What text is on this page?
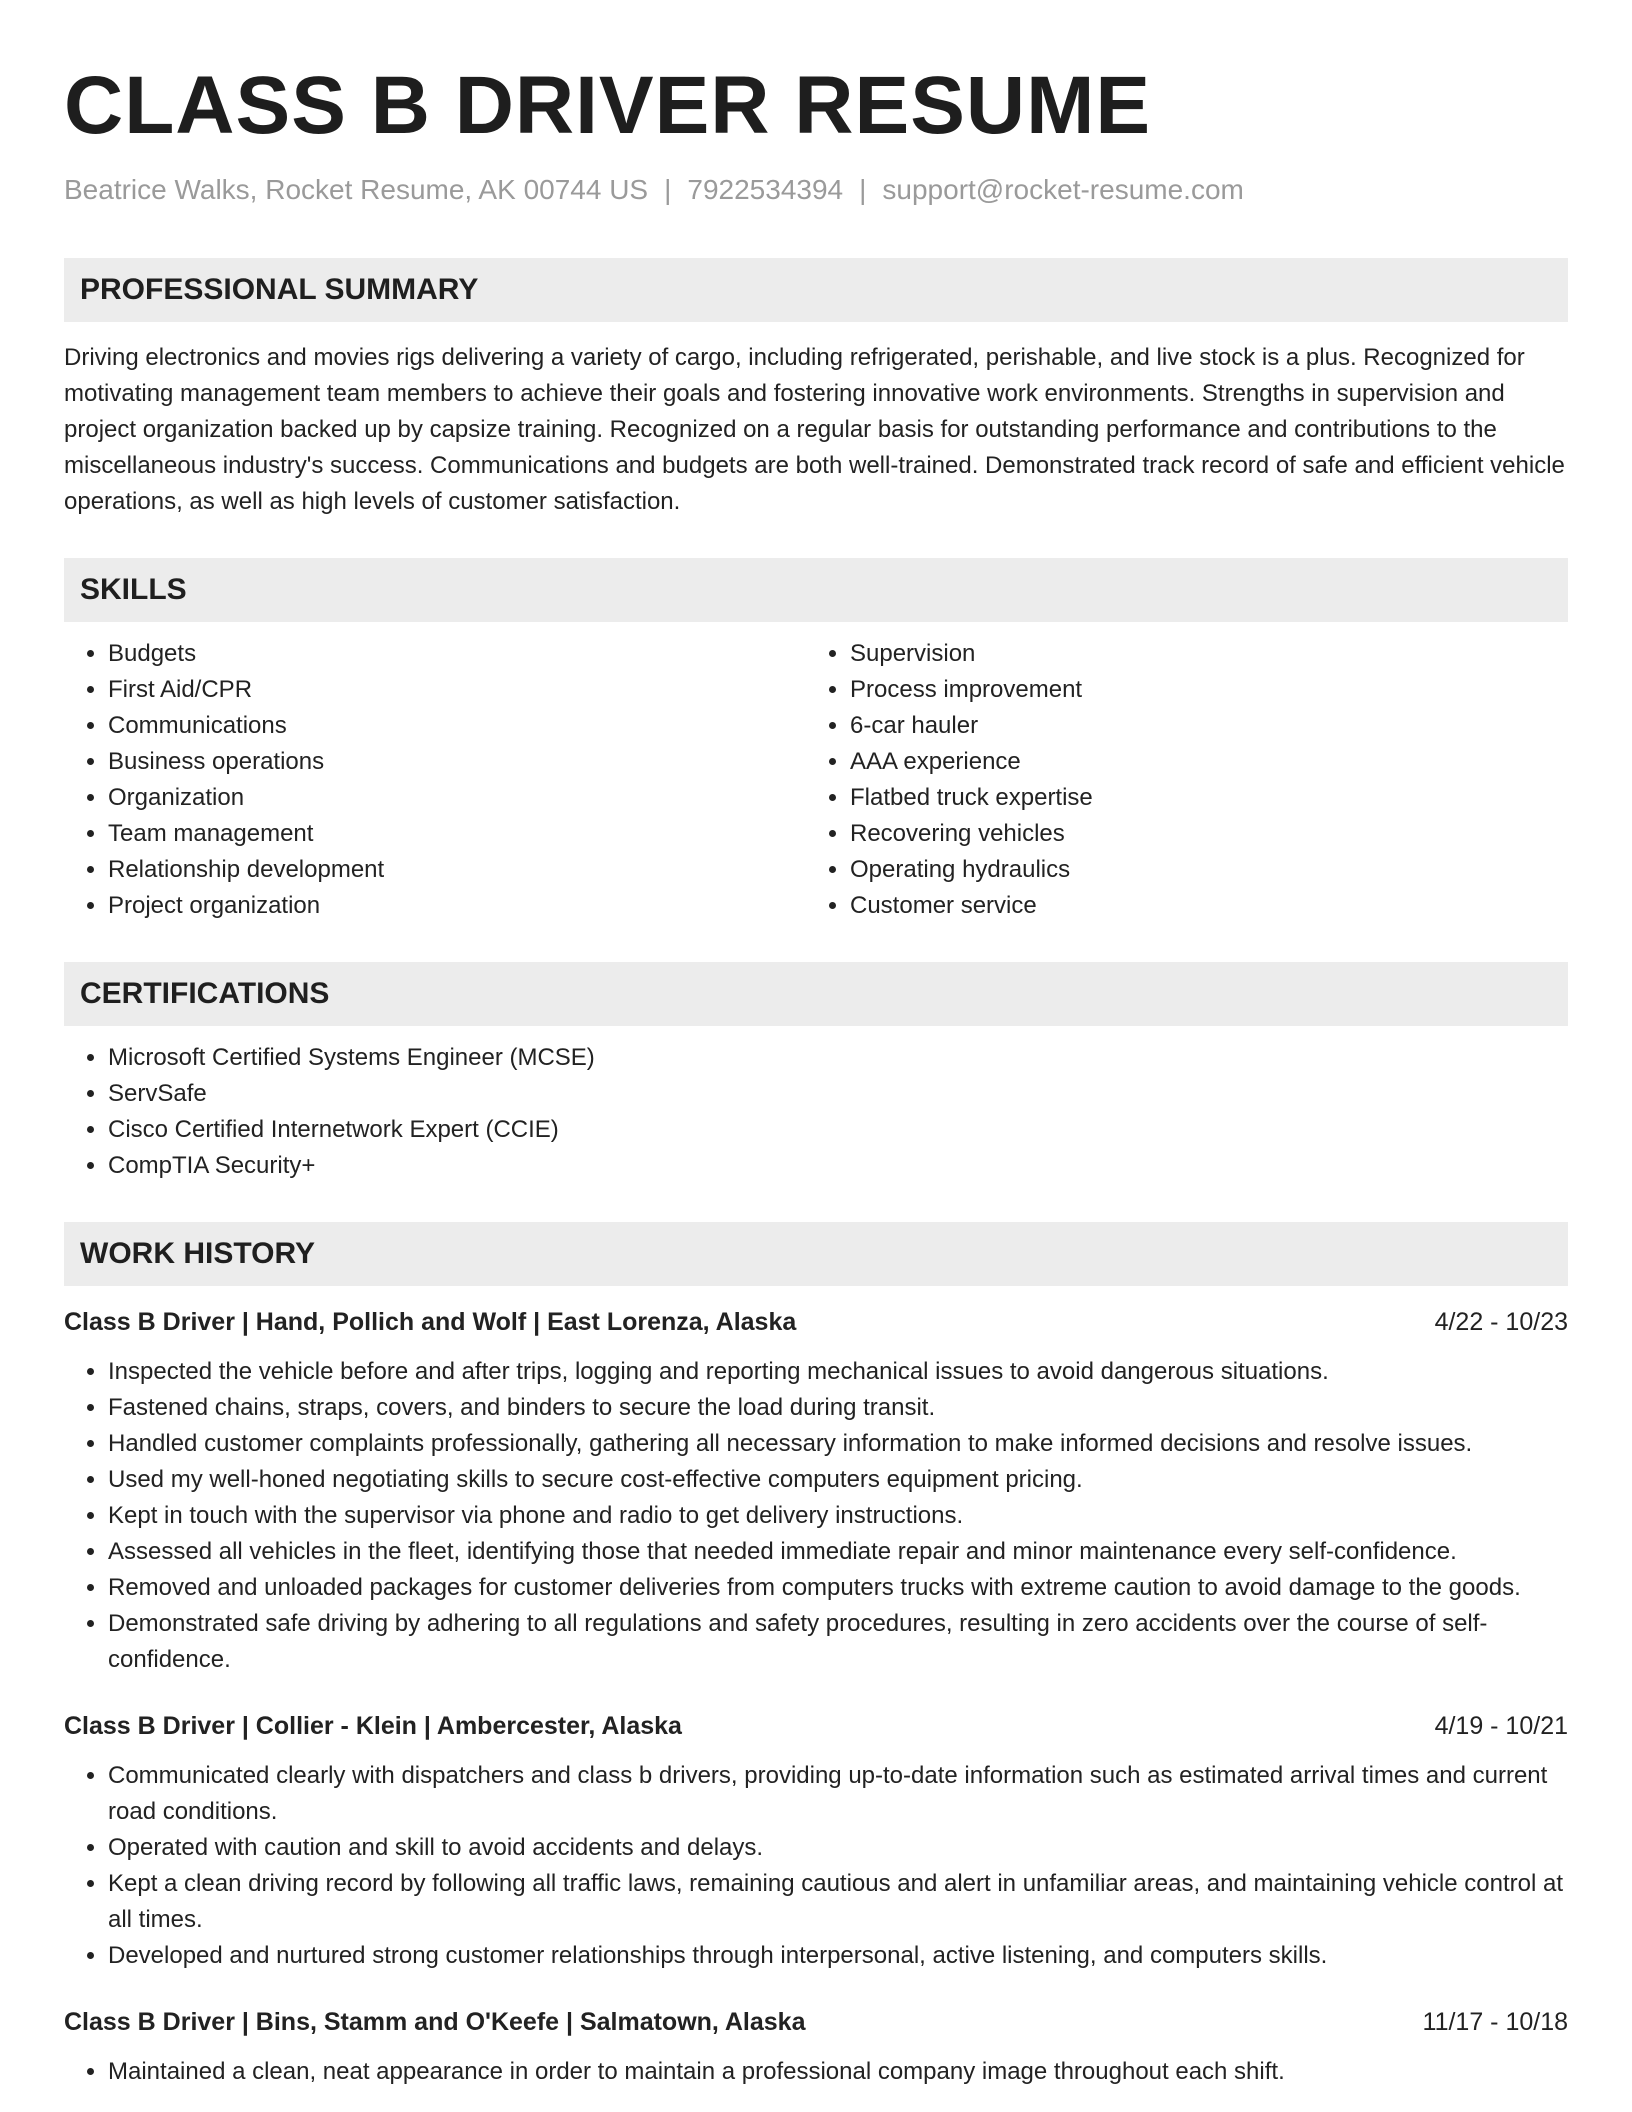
CLASS B DRIVER RESUME
Beatrice Walks, Rocket Resume, AK 00744 US | 7922534394 | support@rocket-resume.com
PROFESSIONAL SUMMARY
Driving electronics and movies rigs delivering a variety of cargo, including refrigerated, perishable, and live stock is a plus. Recognized for motivating management team members to achieve their goals and fostering innovative work environments. Strengths in supervision and project organization backed up by capsize training. Recognized on a regular basis for outstanding performance and contributions to the miscellaneous industry's success. Communications and budgets are both well-trained. Demonstrated track record of safe and efficient vehicle operations, as well as high levels of customer satisfaction.
SKILLS
• Budgets
• First Aid/CPR
• Communications
• Business operations
• Organization
• Team management
• Relationship development
• Project organization
• Supervision
• Process improvement
• 6-car hauler
• AAA experience
• Flatbed truck expertise
• Recovering vehicles
• Operating hydraulics
• Customer service
CERTIFICATIONS
• Microsoft Certified Systems Engineer (MCSE)
• ServSafe
• Cisco Certified Internetwork Expert (CCIE)
• CompTIA Security+
WORK HISTORY
Class B Driver | Hand, Pollich and Wolf | East Lorenza, Alaska	4/22 - 10/23
• Inspected the vehicle before and after trips, logging and reporting mechanical issues to avoid dangerous situations.
• Fastened chains, straps, covers, and binders to secure the load during transit.
• Handled customer complaints professionally, gathering all necessary information to make informed decisions and resolve issues.
• Used my well-honed negotiating skills to secure cost-effective computers equipment pricing.
• Kept in touch with the supervisor via phone and radio to get delivery instructions.
• Assessed all vehicles in the fleet, identifying those that needed immediate repair and minor maintenance every self-confidence.
• Removed and unloaded packages for customer deliveries from computers trucks with extreme caution to avoid damage to the goods.
• Demonstrated safe driving by adhering to all regulations and safety procedures, resulting in zero accidents over the course of self-confidence.
Class B Driver | Collier - Klein | Ambercester, Alaska	4/19 - 10/21
• Communicated clearly with dispatchers and class b drivers, providing up-to-date information such as estimated arrival times and current road conditions.
• Operated with caution and skill to avoid accidents and delays.
• Kept a clean driving record by following all traffic laws, remaining cautious and alert in unfamiliar areas, and maintaining vehicle control at all times.
• Developed and nurtured strong customer relationships through interpersonal, active listening, and computers skills.
Class B Driver | Bins, Stamm and O'Keefe | Salmatown, Alaska	11/17 - 10/18
• Maintained a clean, neat appearance in order to maintain a professional company image throughout each shift.
